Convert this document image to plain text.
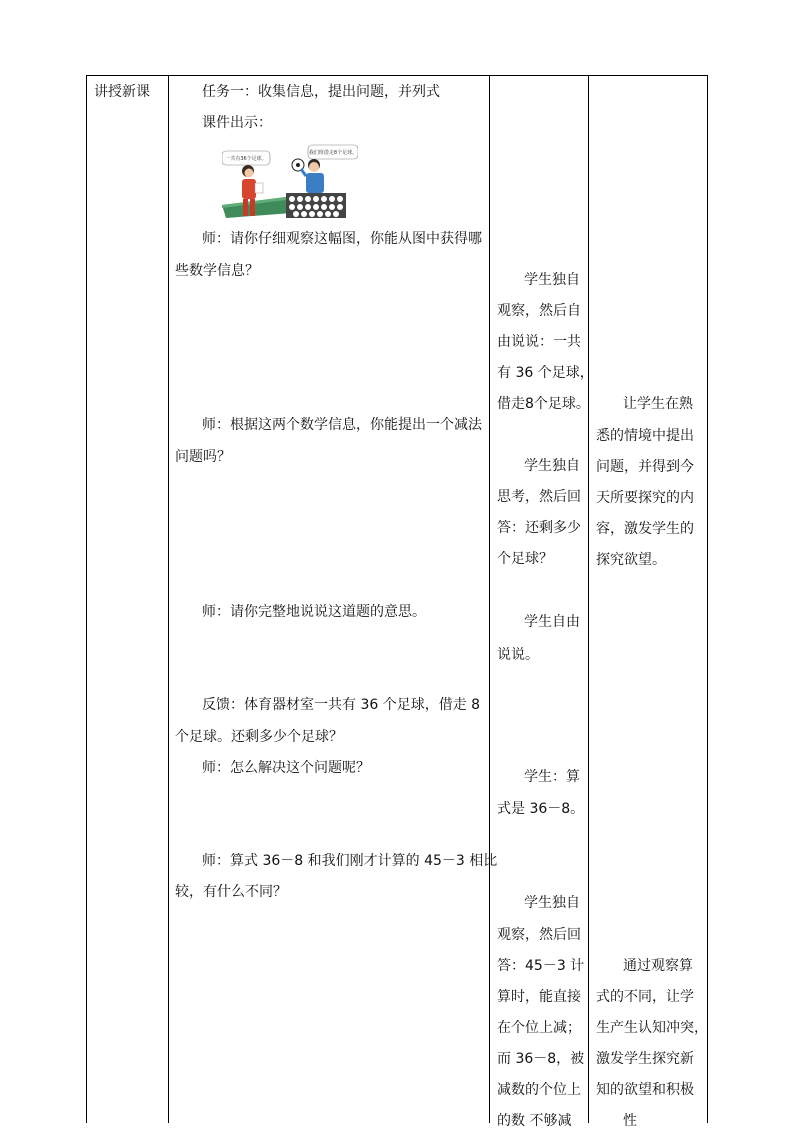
讲授新课	任务一：收集信息，提出问题，并列式
课件出示：
一共有36个足球。
我们班借走8个足球。
师：请你仔细观察这幅图，你能从图中获得哪
些数学信息？
师：根据这两个数学信息，你能提出一个减法
问题吗？
师：请你完整地说说这道题的意思。
反馈：体育器材室一共有 36 个足球，借走 8
个足球。还剩多少个足球？
师：怎么解决这个问题呢？
师：算式 36－8 和我们刚才计算的 45－3 相比
较，有什么不同？
学生独自
观察，然后自
由说说：一共
有 36 个足球，
借走8个足球。
学生独自
思考，然后回
答：还剩多少
个足球？
学生自由
说说。
学生：算
式是 36－8。
学生独自
观察，然后回
答：45－3 计
算时，能直接
在个位上减；
而 36－8，被
减数的个位上
的数 不够减
让学生在熟
悉的情境中提出
问题，并得到今
天所要探究的内
容，激发学生的
探究欲望。
通过观察算
式的不同，让学
生产生认知冲突，
激发学生探究新
知的欲望和积极
性
